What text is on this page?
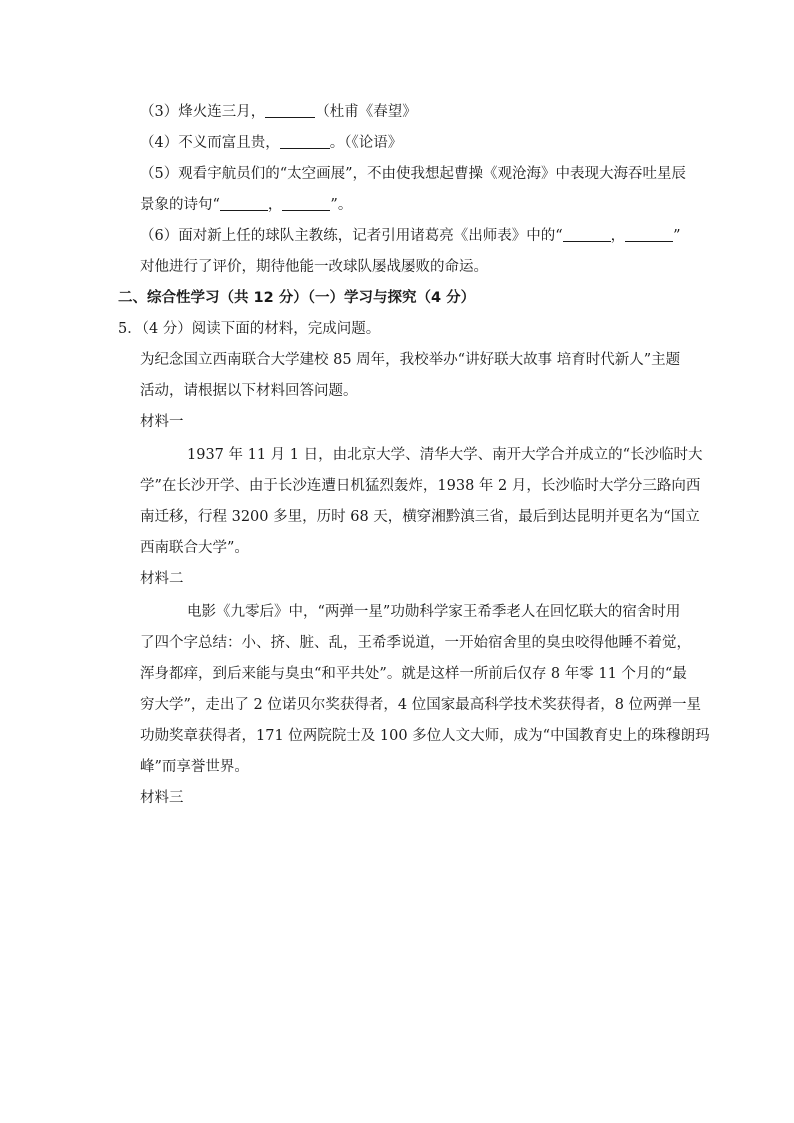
（3）烽火连三月，	（杜甫《春望》
（4）不义而富且贵，	。（《论语》
（5）观看宇航员们的“太空画展”，不由使我想起曹操《观沧海》中表现大海吞吐星辰
景象的诗句“	，	”。
（6）面对新上任的球队主教练，记者引用诸葛亮《出师表》中的“	，	”
对他进行了评价，期待他能一改球队屡战屡败的命运。
二、综合性学习（共 12 分）（一）学习与探究（4 分）
5．（4 分）阅读下面的材料，完成问题。
为纪念国立西南联合大学建校 85 周年，我校举办“讲好联大故事 培育时代新人”主题
活动，请根据以下材料回答问题。
材料一
1937 年 11 月 1 日，由北京大学、清华大学、南开大学合并成立的“长沙临时大
学”在长沙开学、由于长沙连遭日机猛烈轰炸，1938 年 2 月，长沙临时大学分三路向西
南迁移，行程 3200 多里，历时 68 天，横穿湘黔滇三省，最后到达昆明并更名为“国立
西南联合大学”。
材料二
电影《九零后》中，“两弹一星”功勋科学家王希季老人在回忆联大的宿舍时用
了四个字总结：小、挤、脏、乱，王希季说道，一开始宿舍里的臭虫咬得他睡不着觉，
浑身都痒，到后来能与臭虫“和平共处”。就是这样一所前后仅存 8 年零 11 个月的“最
穷大学”，走出了 2 位诺贝尔奖获得者，4 位国家最高科学技术奖获得者，8 位两弹一星
功勋奖章获得者，171 位两院院士及 100 多位人文大师，成为“中国教育史上的珠穆朗玛
峰”而享誉世界。
材料三
